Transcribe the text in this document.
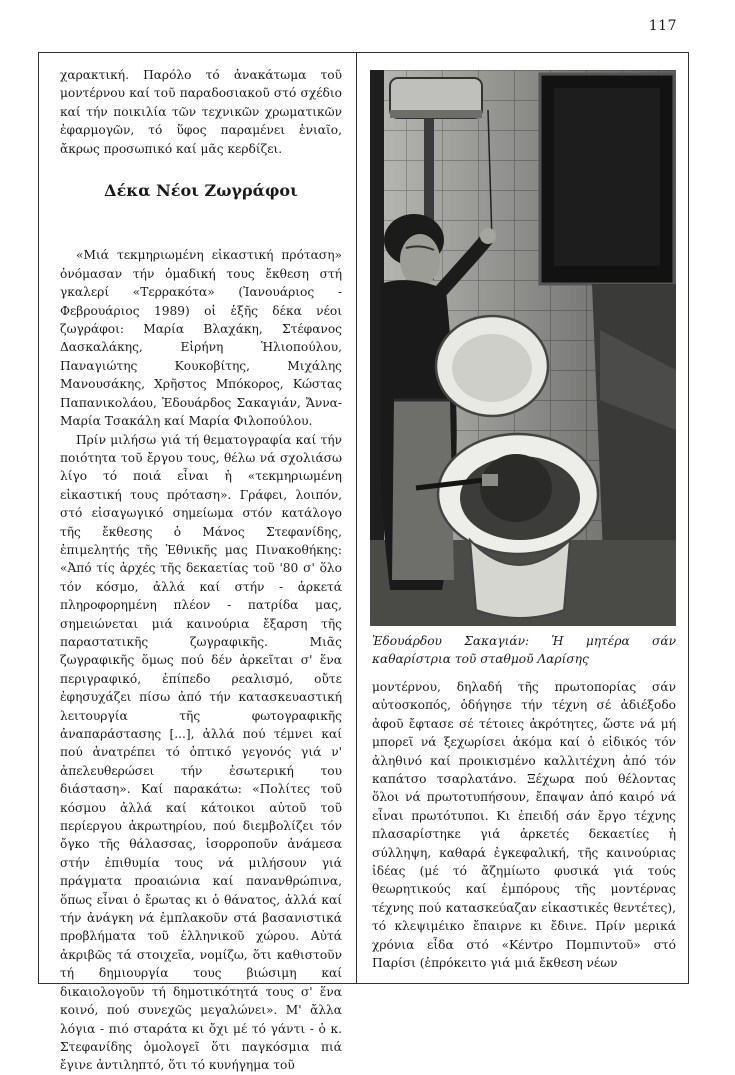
117

χαρακτική. Παρόλο τό ἀνακάτωμα τοῦ μοντέρνου καί τοῦ παραδοσιακοῦ στό σχέδιο καί τήν ποικιλία τῶν τεχνικῶν χρωματικῶν ἐφαρμογῶν, τό ὕφος παραμένει ἑνιαῖο, ἄκρως προσωπικό καί μᾶς κερδίζει.

Δέκα Νέοι Ζωγράφοι

«Μιά τεκμηριωμένη εἰκαστική πρόταση» ὀνόμασαν τήν ὁμαδική τους ἔκθεση στή γκαλερί «Τερρακότα» (Ἰανουάριος - Φεβρουάριος 1989) οἱ ἑξῆς δέκα νέοι ζωγράφοι: Μαρία Βλαχάκη, Στέφανος Δασκαλάκης, Εἰρήνη Ἡλιοπούλου, Παναγιώτης Κουκοβίτης, Μιχάλης Μανουσάκης, Χρῆστος Μπόκορος, Κώστας Παπανικολάου, Ἐδουάρδος Σακαγιάν, Ἄννα-Μαρία Τσακάλη καί Μαρία Φιλοπούλου.

Πρίν μιλήσω γιά τή θεματογραφία καί τήν ποιότητα τοῦ ἔργου τους, θέλω νά σχολιάσω λίγο τό ποιά εἶναι ἡ «τεκμηριωμένη εἰκαστική τους πρόταση». Γράφει, λοιπόν, στό εἰσαγωγικό σημείωμα στόν κατάλογο τῆς ἔκθεσης ὁ Μάνος Στεφανίδης, ἐπιμελητής τῆς Ἐθνικῆς μας Πινακοθήκης: «Ἀπό τίς ἀρχές τῆς δεκαετίας τοῦ '80 σ' ὅλο τόν κόσμο, ἀλλά καί στήν - ἀρκετά πληροφορημένη πλέον - πατρίδα μας, σημειώνεται μιά καινούρια ἔξαρση τῆς παραστατικῆς ζωγραφικῆς. Μιᾶς ζωγραφικῆς ὅμως πού δέν ἀρκεῖται σ' ἕνα περιγραφικό, ἐπίπεδο ρεαλισμό, οὔτε ἐφησυχάζει πίσω ἀπό τήν κατασκευαστική λειτουργία τῆς φωτογραφικῆς ἀναπαράστασης [...], ἀλλά πού τέμνει καί πού ἀνατρέπει τό ὀπτικό γεγονός γιά ν' ἀπελευθερώσει τήν ἐσωτερική του διάσταση». Καί παρακάτω: «Πολίτες τοῦ κόσμου ἀλλά καί κάτοικοι αὐτοῦ τοῦ περίεργου ἀκρωτηρίου, πού διεμβολίζει τόν ὄγκο τῆς θάλασσας, ἰσορροποῦν ἀνάμεσα στήν ἐπιθυμία τους νά μιλήσουν γιά πράγματα προαιώνια καί πανανθρώπινα, ὅπως εἶναι ὁ ἔρωτας κι ὁ θάνατος, ἀλλά καί τήν ἀνάγκη νά ἐμπλακοῦν στά βασανιστικά προβλήματα τοῦ ἑλληνικοῦ χώρου. Αὐτά ἀκριβῶς τά στοιχεῖα, νομίζω, ὅτι καθιστοῦν τή δημιουργία τους βιώσιμη καί δικαιολογοῦν τή δημοτικότητά τους σ' ἕνα κοινό, πού συνεχῶς μεγαλώνει». Μ' ἄλλα λόγια - πιό σταράτα κι ὄχι μέ τό γάντι - ὁ κ. Στεφανίδης ὁμολογεῖ ὅτι παγκόσμια πιά ἔγινε ἀντιληπτό, ὅτι τό κυνήγημα τοῦ

Ἐδουάρδου Σακαγιάν: Ἡ μητέρα σάν καθαρίστρια τοῦ σταθμοῦ Λαρίσης

μοντέρνου, δηλαδή τῆς πρωτοπορίας σάν αὐτοσκοπός, ὁδήγησε τήν τέχνη σέ ἀδιέξοδο ἀφοῦ ἔφτασε σέ τέτοιες ἀκρότητες, ὥστε νά μή μπορεῖ νά ξεχωρίσει ἀκόμα καί ὁ εἰδικός τόν ἀληθινό καί προικισμένο καλλιτέχνη ἀπό τόν καπάτσο τσαρλατάνο. Ξέχωρα πού θέλοντας ὅλοι νά πρωτοτυπήσουν, ἔπαψαν ἀπό καιρό νά εἶναι πρωτότυποι. Κι ἐπειδή σάν ἔργο τέχνης πλασαρίστηκε γιά ἀρκετές δεκαετίες ἡ σύλληψη, καθαρά ἐγκεφαλική, τῆς καινούριας ἰδέας (μέ τό ἄζημίωτο φυσικά γιά τούς θεωρητικούς καί ἐμπόρους τῆς μοντέρνας τέχνης πού κατασκεύαζαν εἰκαστικές θεντέτες), τό κλεψιμέικο ἔπαιρνε κι ἔδινε. Πρίν μερικά χρόνια εἶδα στό «Κέντρο Πομπιντοῦ» στό Παρίσι (ἐπρόκειτο γιά μιά ἔκθεση νέων
